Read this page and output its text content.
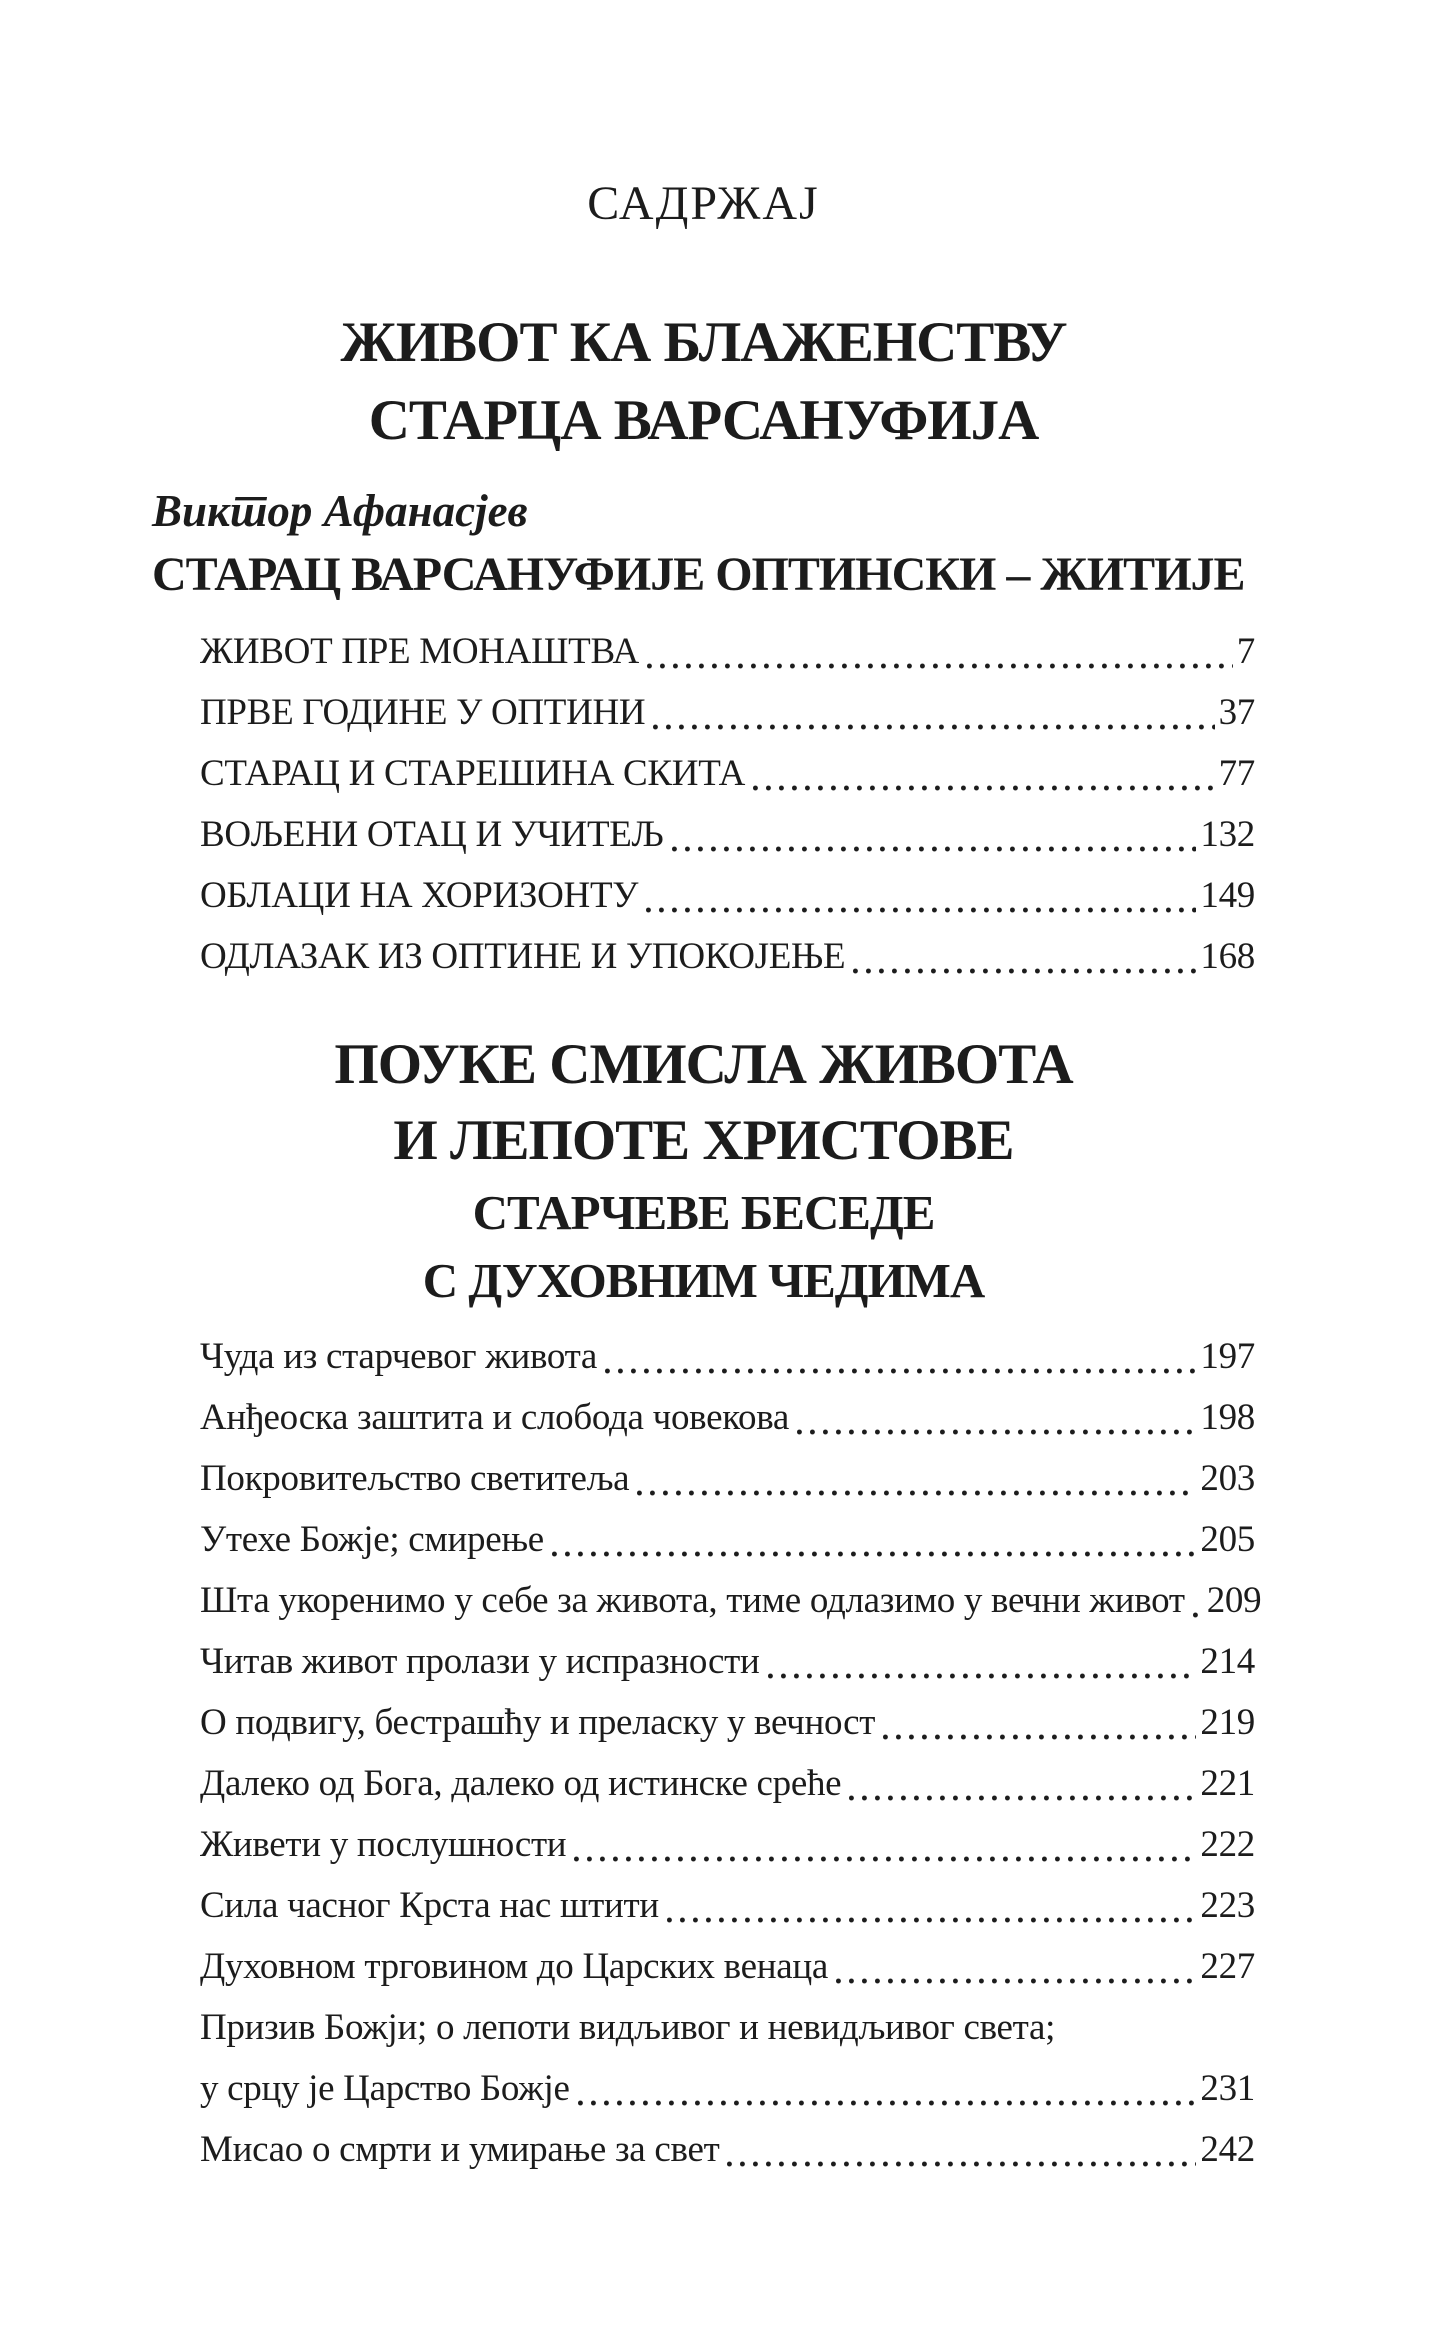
САДРЖАЈ
ЖИВОТ КА БЛАЖЕНСТВУ
СТАРЦА ВАРСАНУФИЈА
Виктор Афанасјев
СТАРАЦ ВАРСАНУФИЈЕ ОПТИНСКИ – ЖИТИЈЕ
ЖИВОТ ПРЕ МОНАШТВА	7
ПРВЕ ГОДИНЕ У ОПТИНИ	37
СТАРАЦ И СТАРЕШИНА СКИТА	77
ВОЉЕНИ ОТАЦ И УЧИТЕЉ	132
ОБЛАЦИ НА ХОРИЗОНТУ	149
ОДЛАЗАК ИЗ ОПТИНЕ И УПОКОЈЕЊЕ	168
ПОУКЕ СМИСЛА ЖИВОТА
И ЛЕПОТЕ ХРИСТОВЕ
СТАРЧЕВЕ БЕСЕДЕ
С ДУХОВНИМ ЧЕДИМА
Чуда из старчевог живота	197
Анђеоска заштита и слобода човекова	198
Покровитељство светитеља	203
Утехе Божје; смирење	205
Шта укоренимо у себе за живота, тиме одлазимо у вечни живот 209
Читав живот пролази у испразности	214
О подвигу, бестрашћу и преласку у вечност	219
Далеко од Бога, далеко од истинске среће	221
Живети у послушности	222
Сила часног Крста нас штити	223
Духовном трговином до Царских венаца	227
Призив Божји; о лепоти видљивог и невидљивог света;
у срцу је Царство Божје	231
Мисао о смрти и умирање за свет	242
